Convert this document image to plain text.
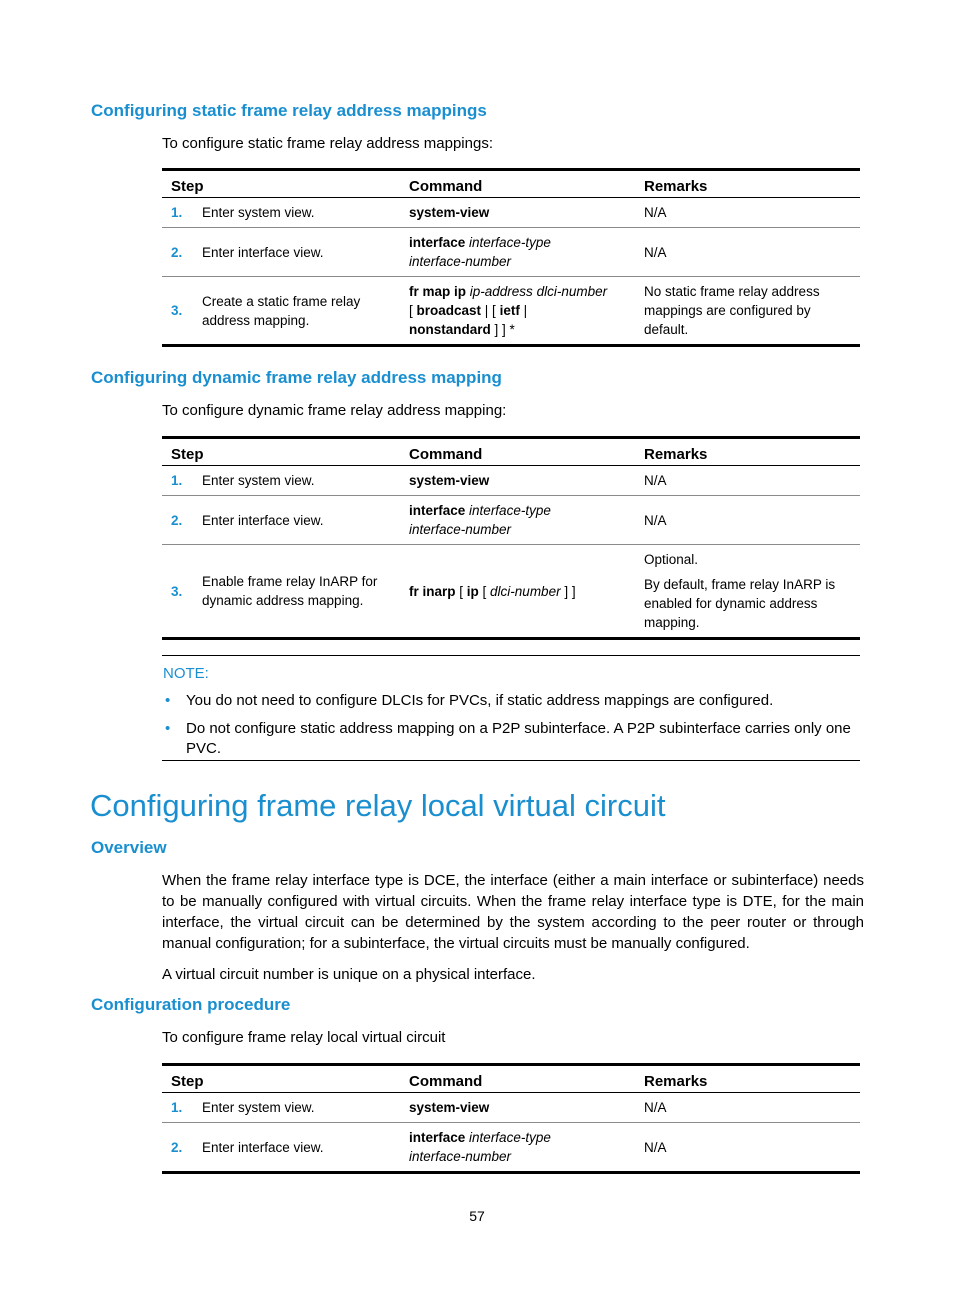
Configuring static frame relay address mappings
To configure static frame relay address mappings:
Step		Command	Remarks
1.	Enter system view.	system-view	N/A
2.	Enter interface view.	interface interface-type
interface-number	N/A
3.	Create a static frame relay address mapping.	fr map ip ip-address dlci-number
[ broadcast | [ ietf |
nonstandard ] ] *	No static frame relay address mappings are configured by default.
Configuring dynamic frame relay address mapping
To configure dynamic frame relay address mapping:
Step		Command	Remarks
1.	Enter system view.	system-view	N/A
2.	Enter interface view.	interface interface-type
interface-number	N/A
3.	Enable frame relay InARP for dynamic address mapping.	fr inarp [ ip [ dlci-number ] ]	Optional.
By default, frame relay InARP is enabled for dynamic address mapping.
NOTE:
• You do not need to configure DLCIs for PVCs, if static address mappings are configured.
• Do not configure static address mapping on a P2P subinterface. A P2P subinterface carries only one PVC.
Configuring frame relay local virtual circuit
Overview
When the frame relay interface type is DCE, the interface (either a main interface or subinterface) needs to be manually configured with virtual circuits. When the frame relay interface type is DTE, for the main interface, the virtual circuit can be determined by the system according to the peer router or through manual configuration; for a subinterface, the virtual circuits must be manually configured.
A virtual circuit number is unique on a physical interface.
Configuration procedure
To configure frame relay local virtual circuit
Step		Command	Remarks
1.	Enter system view.	system-view	N/A
2.	Enter interface view.	interface interface-type
interface-number	N/A
57
